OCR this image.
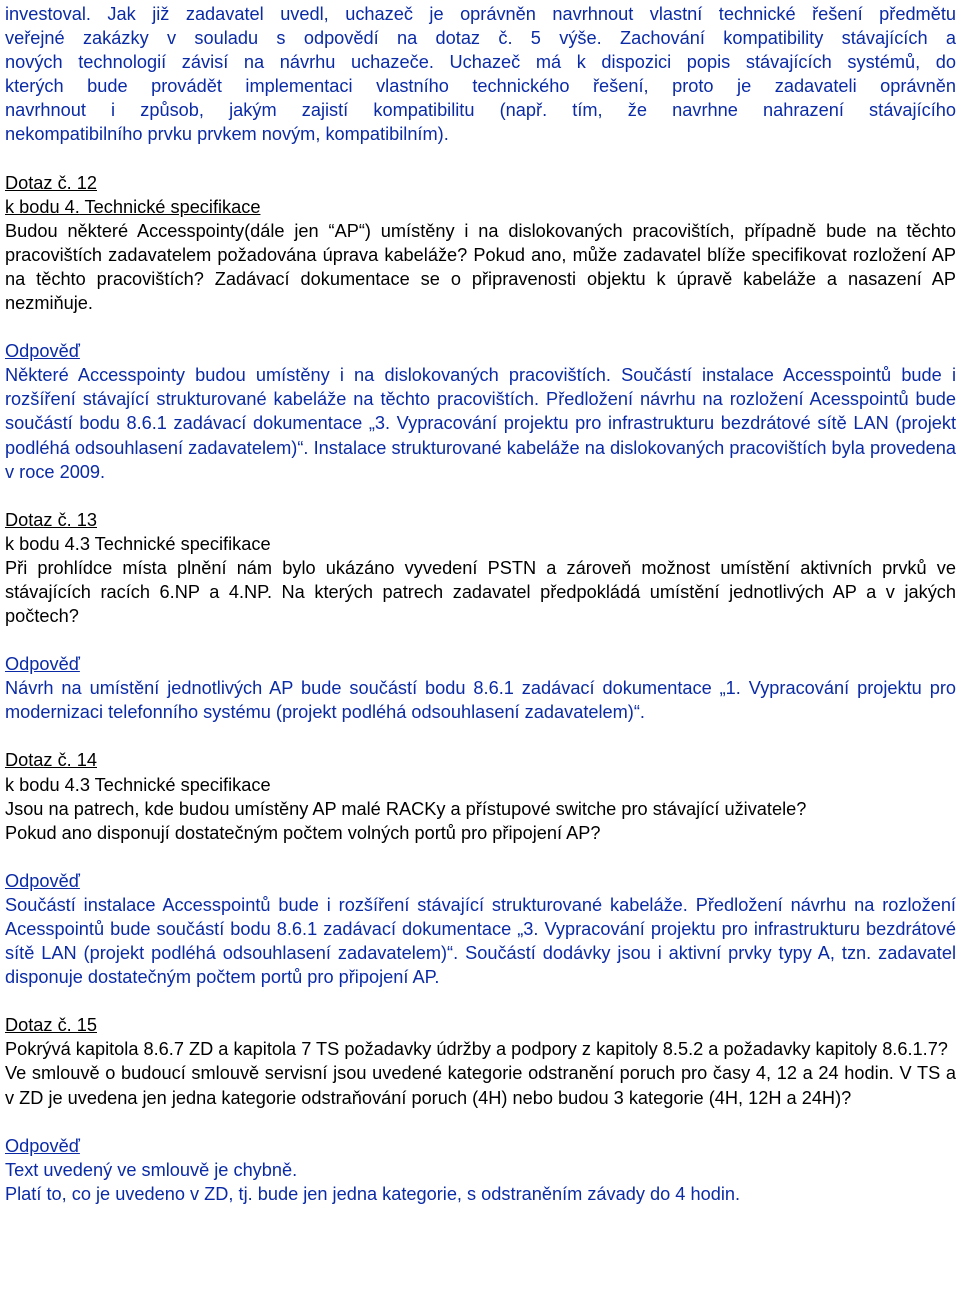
investoval. Jak již zadavatel uvedl, uchazeč je oprávněn navrhnout vlastní technické řešení předmětu

veřejné zakázky v souladu s odpovědí na dotaz č. 5 výše. Zachování kompatibility stávajících a

nových technologií závisí na návrhu uchazeče. Uchazeč má k dispozici popis stávajících systémů, do

kterých bude provádět implementaci vlastního technického řešení, proto je zadavateli oprávněn

navrhnout i způsob, jakým zajistí kompatibilitu (např. tím, že navrhne nahrazení stávajícího

nekompatibilního prvku prvkem novým, kompatibilním).

Dotaz č. 12

k bodu 4. Technické specifikace

Budou některé Accesspointy(dále jen “AP“) umístěny i na dislokovaných pracovištích, případně bude na těchto pracovištích zadavatelem požadována úprava kabeláže? Pokud ano, může zadavatel blíže specifikovat rozložení AP na těchto pracovištích? Zadávací dokumentace se o připravenosti objektu k úpravě kabeláže a nasazení AP nezmiňuje.

Odpověď

Některé Accesspointy budou umístěny i na dislokovaných pracovištích. Součástí instalace Accesspointů bude i rozšíření stávající strukturované kabeláže na těchto pracovištích. Předložení návrhu na rozložení Acesspointů bude součástí bodu 8.6.1 zadávací dokumentace „3. Vypracování projektu pro infrastrukturu bezdrátové sítě LAN (projekt podléhá odsouhlasení zadavatelem)“. Instalace strukturované kabeláže na dislokovaných pracovištích byla provedena v roce 2009.

Dotaz č. 13

k bodu 4.3 Technické specifikace

Při prohlídce místa plnění nám bylo ukázáno vyvedení PSTN a zároveň možnost umístění aktivních prvků ve stávajících racích 6.NP a 4.NP. Na kterých patrech zadavatel předpokládá umístění jednotlivých AP a v jakých počtech?

Odpověď

Návrh na umístění jednotlivých AP bude součástí bodu 8.6.1 zadávací dokumentace „1. Vypracování projektu pro modernizaci telefonního systému (projekt podléhá odsouhlasení zadavatelem)“.

Dotaz č. 14

k bodu 4.3 Technické specifikace

Jsou na patrech, kde budou umístěny AP malé RACKy a přístupové switche pro stávající uživatele?

Pokud ano disponují dostatečným počtem volných portů pro připojení AP?

Odpověď

Součástí instalace Accesspointů bude i rozšíření stávající strukturované kabeláže. Předložení návrhu na rozložení Acesspointů bude součástí bodu 8.6.1 zadávací dokumentace „3. Vypracování projektu pro infrastrukturu bezdrátové sítě LAN (projekt podléhá odsouhlasení zadavatelem)“. Součástí dodávky jsou i aktivní prvky typy A, tzn. zadavatel disponuje dostatečným počtem portů pro připojení AP.

Dotaz č. 15

Pokrývá kapitola 8.6.7 ZD a kapitola 7 TS požadavky údržby a podpory z kapitoly 8.5.2 a požadavky kapitoly 8.6.1.7?

Ve smlouvě o budoucí smlouvě servisní jsou uvedené kategorie odstranění poruch pro časy 4, 12 a 24 hodin. V TS a v ZD je uvedena jen jedna kategorie odstraňování poruch (4H) nebo budou 3 kategorie (4H, 12H a 24H)?

Odpověď

Text uvedený ve smlouvě je chybně.

Platí to, co je uvedeno v ZD, tj. bude jen jedna kategorie, s odstraněním závady do 4 hodin.
